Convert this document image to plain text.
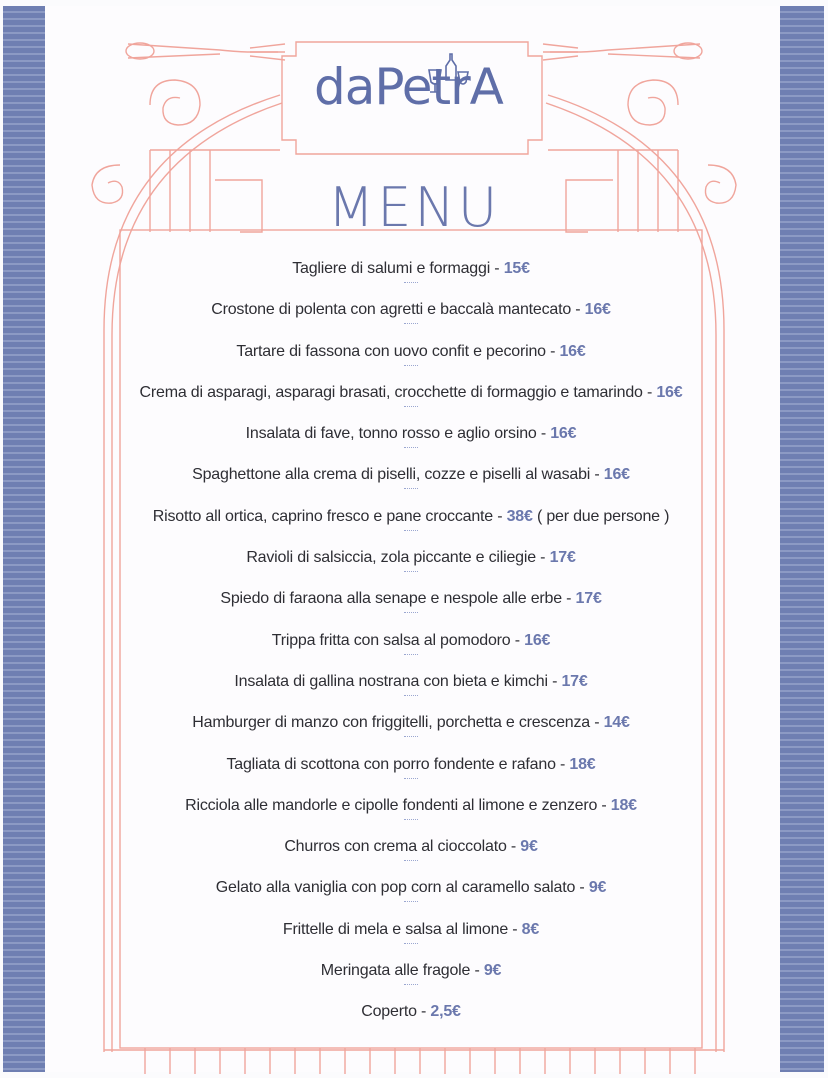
daPetrA
MENU
Tagliere di salumi e formaggi - 15€
Crostone di polenta con agretti e baccalà mantecato - 16€
Tartare di fassona con uovo confit e pecorino - 16€
Crema di asparagi, asparagi brasati, crocchette di formaggio e tamarindo - 16€
Insalata di fave, tonno rosso e aglio orsino - 16€
Spaghettone alla crema di piselli, cozze e piselli al wasabi - 16€
Risotto all ortica, caprino fresco e pane croccante - 38€ ( per due persone )
Ravioli di salsiccia, zola piccante e ciliegie - 17€
Spiedo di faraona alla senape e nespole alle erbe - 17€
Trippa fritta con salsa al pomodoro - 16€
Insalata di gallina nostrana con bieta e kimchi - 17€
Hamburger di manzo con friggitelli, porchetta e crescenza - 14€
Tagliata di scottona con porro fondente e rafano - 18€
Ricciola alle mandorle e cipolle fondenti al limone e zenzero - 18€
Churros con crema al cioccolato - 9€
Gelato alla vaniglia con pop corn al caramello salato - 9€
Frittelle di mela e salsa al limone - 8€
Meringata alle fragole - 9€
Coperto - 2,5€
